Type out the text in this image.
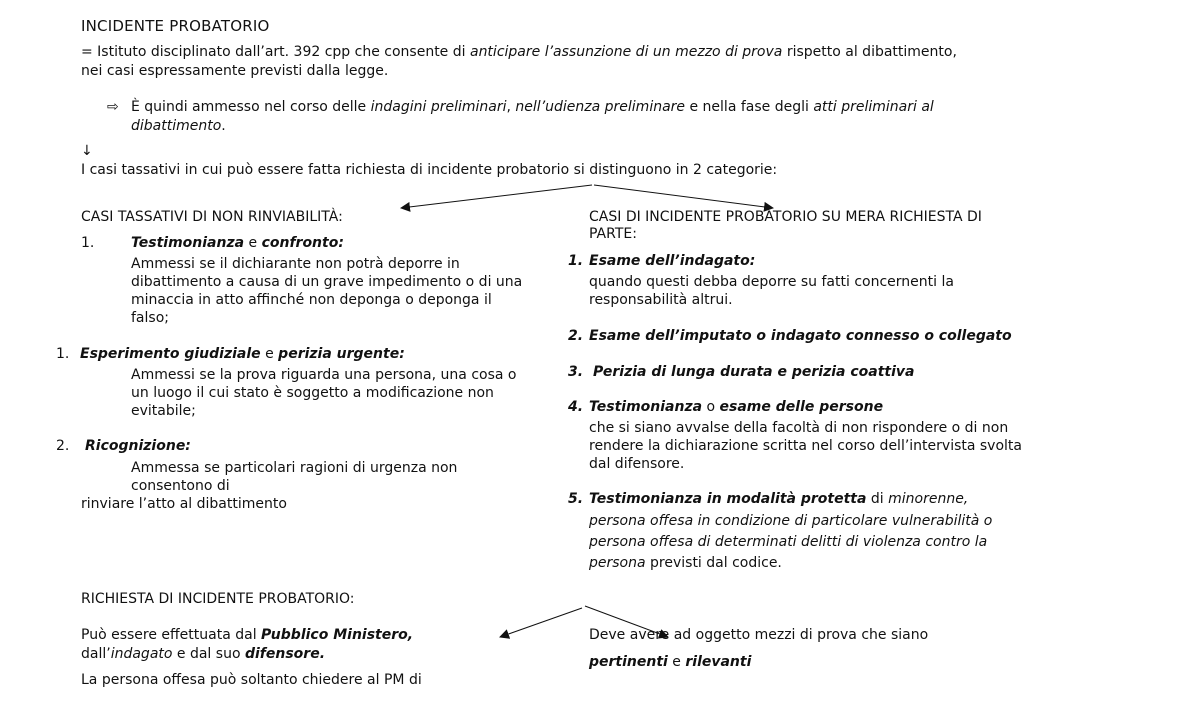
INCIDENTE PROBATORIO
= Istituto disciplinato dall’art. 392 cpp che consente di anticipare l’assunzione di un mezzo di prova rispetto al dibattimento,
nei casi espressamente previsti dalla legge.
⇨ È quindi ammesso nel corso delle indagini preliminari, nell’udienza preliminare e nella fase degli atti preliminari al
dibattimento.
↓
I casi tassativi in cui può essere fatta richiesta di incidente probatorio si distinguono in 2 categorie:
CASI TASSATIVI DI NON RINVIABILITÀ:
1.	Testimonianza e confronto:
Ammessi se il dichiarante non potrà deporre in
dibattimento a causa di un grave impedimento o di una
minaccia in atto affinché non deponga o deponga il
falso;
1. Esperimento giudiziale e perizia urgente:
Ammessi se la prova riguarda una persona, una cosa o
un luogo il cui stato è soggetto a modificazione non
evitabile;
2. Ricognizione:
Ammessa se particolari ragioni di urgenza non
consentono di
rinviare l’atto al dibattimento
CASI DI INCIDENTE PROBATORIO SU MERA RICHIESTA DI
PARTE:
1. Esame dell’indagato:
quando questi debba deporre su fatti concernenti la
responsabilità altrui.
2. Esame dell’imputato o indagato connesso o collegato
3. Perizia di lunga durata e perizia coattiva
4. Testimonianza o esame delle persone
che si siano avvalse della facoltà di non rispondere o di non
rendere la dichiarazione scritta nel corso dell’intervista svolta
dal difensore.
5. Testimonianza in modalità protetta di minorenne,
persona offesa in condizione di particolare vulnerabilità o
persona offesa di determinati delitti di violenza contro la
persona previsti dal codice.
RICHIESTA DI INCIDENTE PROBATORIO:
Può essere effettuata dal Pubblico Ministero,
dall’indagato e dal suo difensore.
La persona offesa può soltanto chiedere al PM di
Deve avere ad oggetto mezzi di prova che siano
pertinenti e rilevanti
